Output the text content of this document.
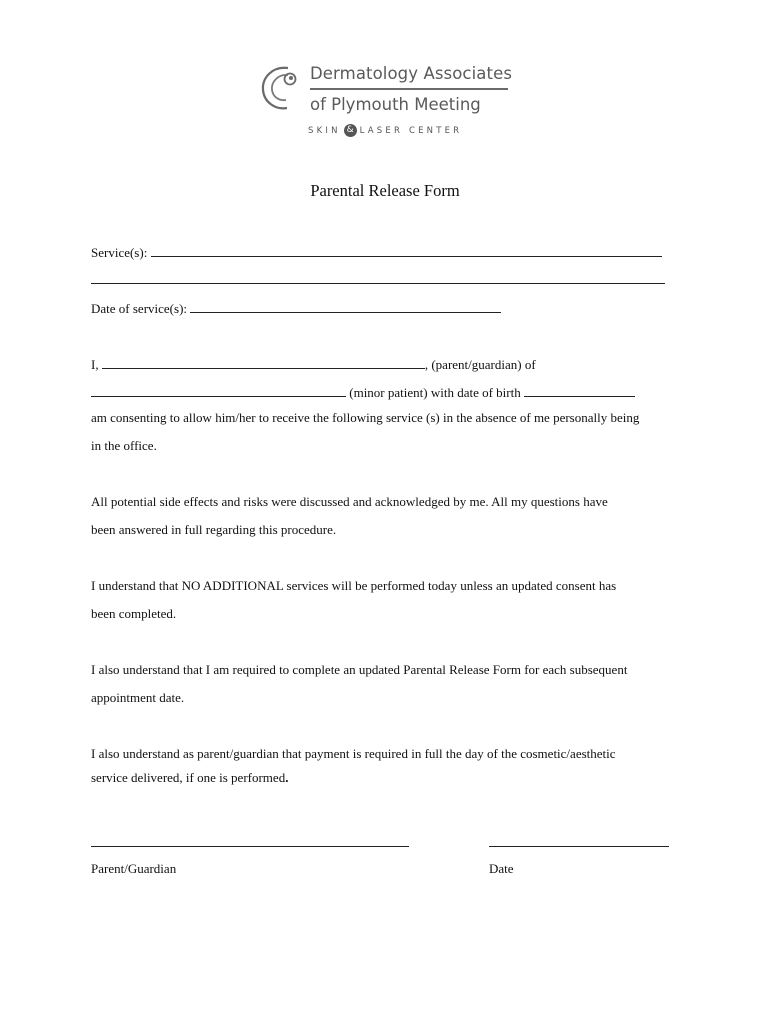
Dermatology Associates
of Plymouth Meeting
SKIN & LASER CENTER
Parental Release Form
Service(s):
Date of service(s):
I,	, (parent/guardian) of
(minor patient) with date of birth
am consenting to allow him/her to receive the following service (s) in the absence of me personally being
in the office.
All potential side effects and risks were discussed and acknowledged by me. All my questions have
been answered in full regarding this procedure.
I understand that NO ADDITIONAL services will be performed today unless an updated consent has
been completed.
I also understand that I am required to complete an updated Parental Release Form for each subsequent
appointment date.
I also understand as parent/guardian that payment is required in full the day of the cosmetic/aesthetic
service delivered, if one is performed.
Parent/Guardian	Date
